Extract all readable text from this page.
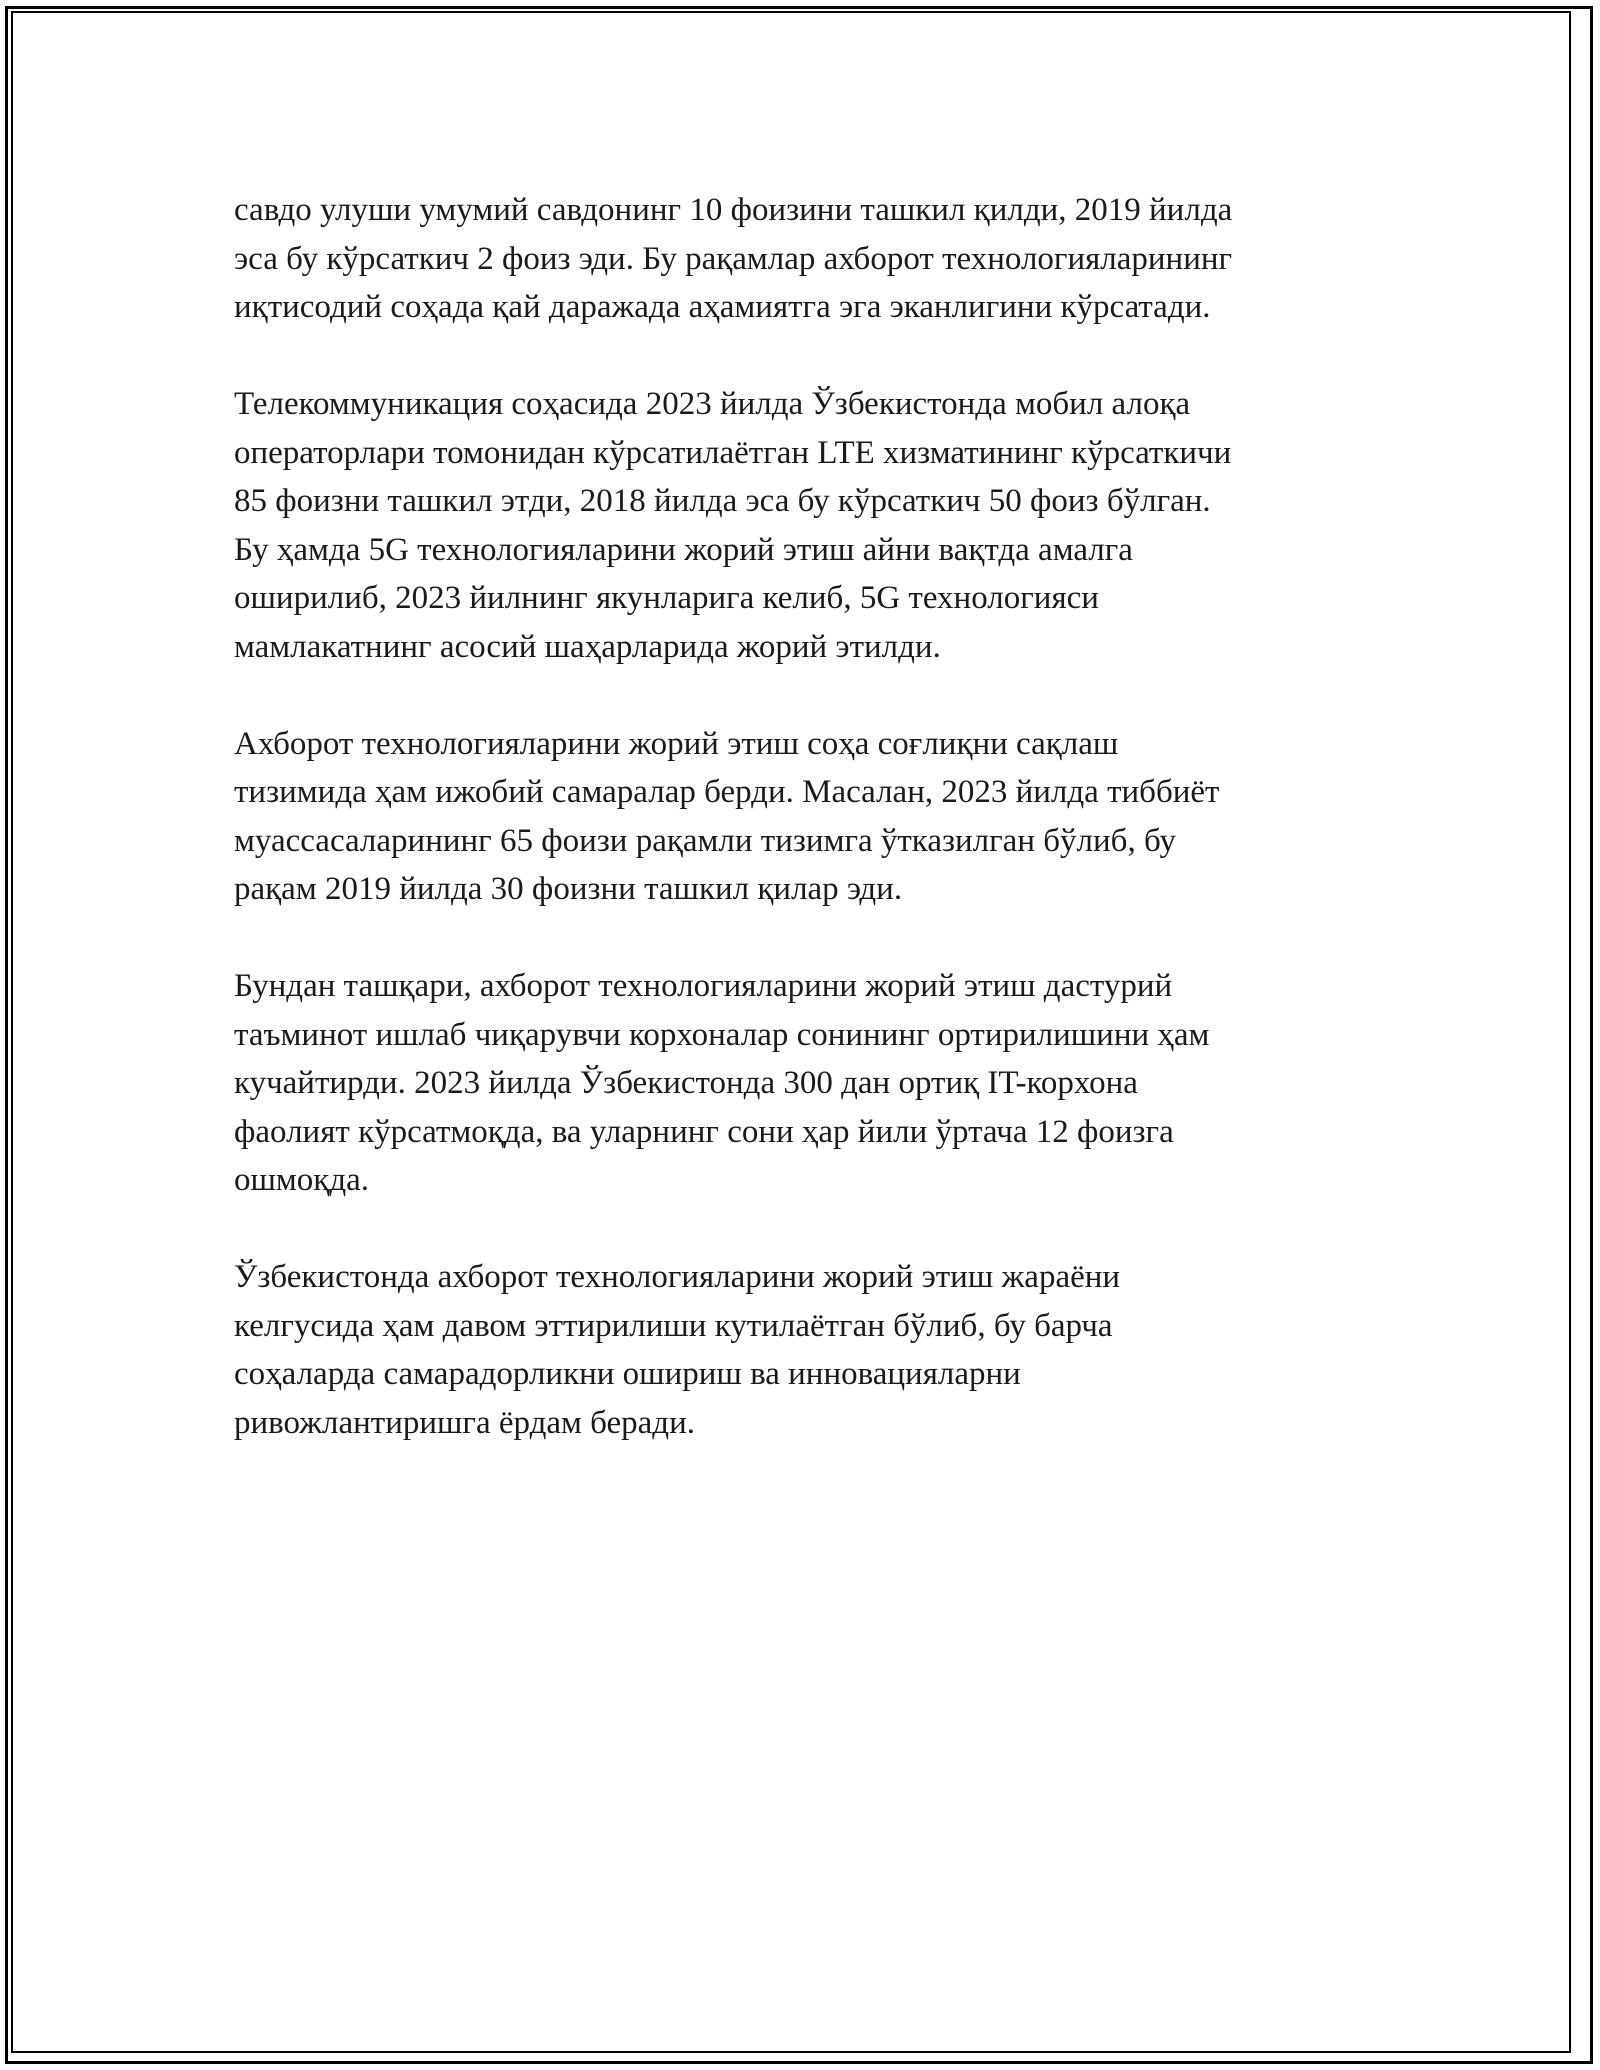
савдо улуши умумий савдонинг 10 фоизини ташкил қилди, 2019 йилда
эса бу кўрсаткич 2 фоиз эди. Бу рақамлар ахборот технологияларининг
иқтисодий соҳада қай даражада аҳамиятга эга эканлигини кўрсатади.

Телекоммуникация соҳасида 2023 йилда Ўзбекистонда мобил алоқа
операторлари томонидан кўрсатилаётган LTE хизматининг кўрсаткичи
85 фоизни ташкил этди, 2018 йилда эса бу кўрсаткич 50 фоиз бўлган.
Бу ҳамда 5G технологияларини жорий этиш айни вақтда амалга
оширилиб, 2023 йилнинг якунларига келиб, 5G технологияси
мамлакатнинг асосий шаҳарларида жорий этилди.

Ахборот технологияларини жорий этиш соҳа соғлиқни сақлаш
тизимида ҳам ижобий самаралар берди. Масалан, 2023 йилда тиббиёт
муассасаларининг 65 фоизи рақамли тизимга ўтказилган бўлиб, бу
рақам 2019 йилда 30 фоизни ташкил қилар эди.

Бундан ташқари, ахборот технологияларини жорий этиш дастурий
таъминот ишлаб чиқарувчи корхоналар сонининг ортирилишини ҳам
кучайтирди. 2023 йилда Ўзбекистонда 300 дан ортиқ IT-корхона
фаолият кўрсатмоқда, ва уларнинг сони ҳар йили ўртача 12 фоизга
ошмоқда.

Ўзбекистонда ахборот технологияларини жорий этиш жараёни
келгусида ҳам давом эттирилиши кутилаётган бўлиб, бу барча
соҳаларда самарадорликни ошириш ва инновацияларни
ривожлантиришга ёрдам беради.
